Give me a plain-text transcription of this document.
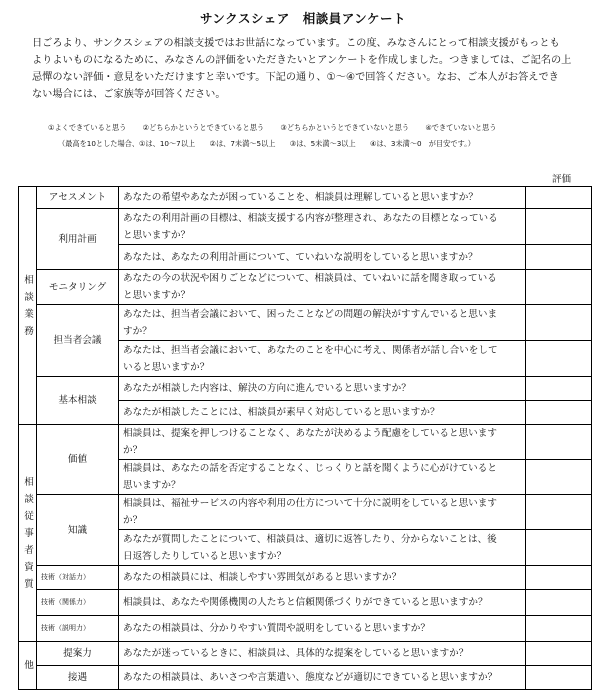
サンクスシェア　相談員アンケート

日ごろより、サンクスシェアの相談支援ではお世話になっています。この度、みなさんにとって相談支援がもっとも

よりよいものになるために、みなさんの評価をいただきたいとアンケートを作成しました。つきましては、ご記名の上

忌憚のない評価・意見をいただけますと幸いです。下記の通り、①～④で回答ください。なお、ご本人がお答えでき

ない場合には、ご家族等が回答ください。

①よくできていると思う ②どちらかというとできていると思う ③どちらかというとできていないと思う ④できていないと思う
（最高を10とした場合、①は、10～7以上　　②は、7未満～5以上　　③は、5未満～3以上　　④は、3未満～0　が目安です。）
評価
相談業務	アセスメント	あなたの希望やあなたが困っていることを、相談員は理解していると思いますか？	
	利用計画	あなたの利用計画の目標は、相談支援する内容が整理され、あなたの目標となっている
と思いますか？	
		あなたは、あなたの利用計画について、ていねいな説明をしていると思いますか？	
	モニタリング	あなたの今の状況や困りごとなどについて、相談員は、ていねいに話を聞き取っている
と思いますか？	
	担当者会議	あなたは、担当者会議において、困ったことなどの問題の解決がすすんでいると思いま
すか？	
		あなたは、担当者会議において、あなたのことを中心に考え、関係者が話し合いをして
いると思いますか？	
	基本相談	あなたが相談した内容は、解決の方向に進んでいると思いますか？	
		あなたが相談したことには、相談員が素早く対応していると思いますか？	
相談従事者資質	価値	相談員は、提案を押しつけることなく、あなたが決めるよう配慮をしていると思います
か？	
		相談員は、あなたの話を否定することなく、じっくりと話を聞くように心がけていると
思いますか？	
	知識	相談員は、福祉サービスの内容や利用の仕方について十分に説明をしていると思います
か？	
		あなたが質問したことについて、相談員は、適切に返答したり、分からないことは、後
日返答したりしていると思いますか？	
	技術（対話力）	あなたの相談員には、相談しやすい雰囲気があると思いますか？	
	技術（関係力）	相談員は、あなたや関係機関の人たちと信頼関係づくりができていると思いますか？	
	技術（説明力）	あなたの相談員は、分かりやすい質問や説明をしていると思いますか？	
他	提案力	あなたが迷っているときに、相談員は、具体的な提案をしていると思いますか？	
	接遇	あなたの相談員は、あいさつや言葉遣い、態度などが適切にできていると思いますか？	
